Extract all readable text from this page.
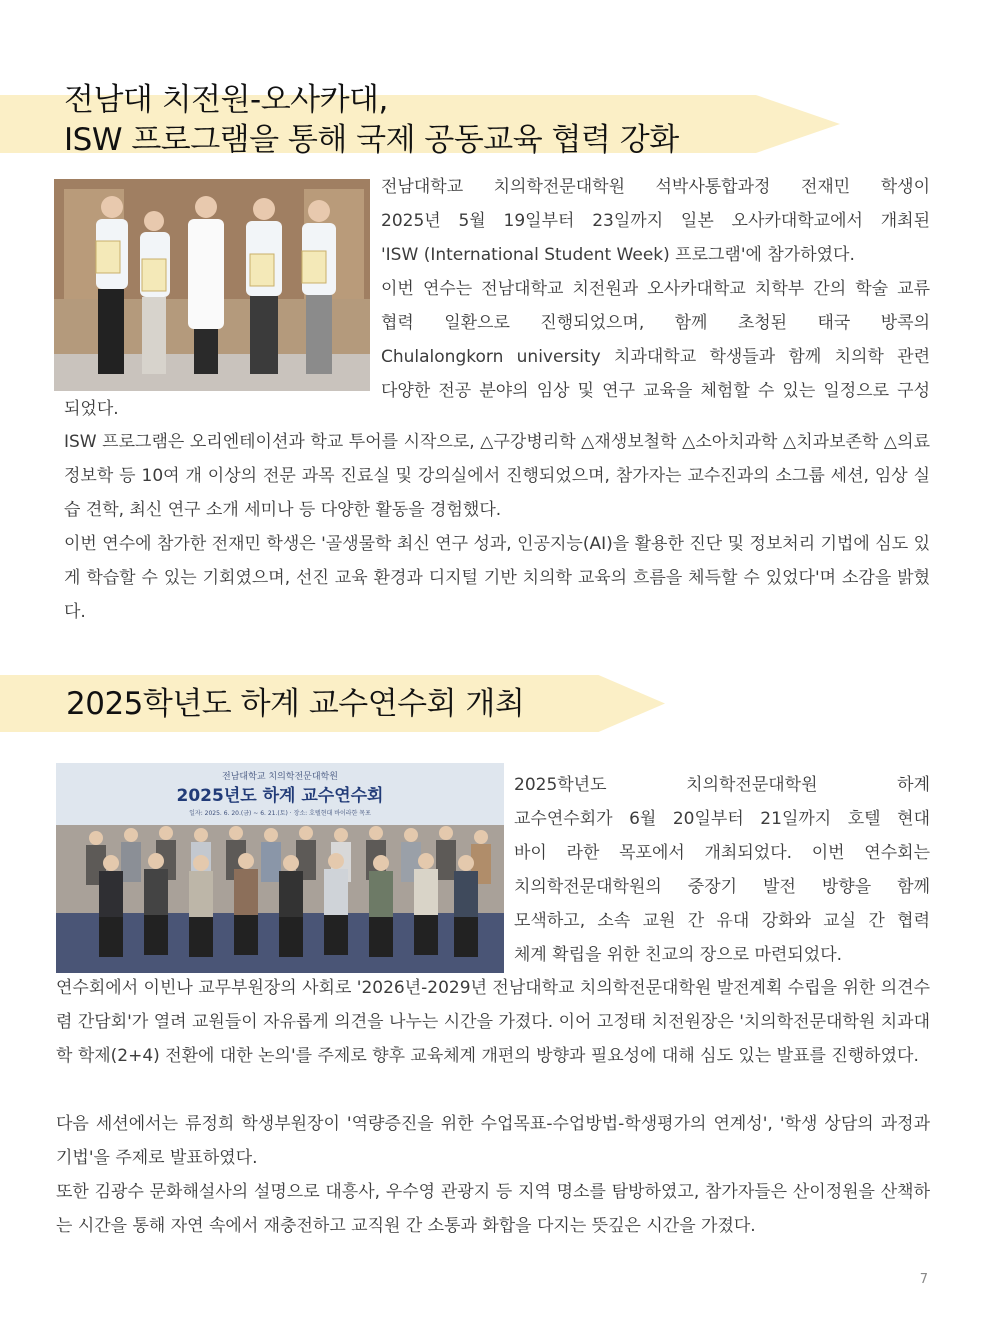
전남대 치전원-오사카대,
ISW 프로그램을 통해 국제 공동교육 협력 강화
전남대학교 치의학전문대학원 석박사통합과정 전재민 학생이
2025년 5월 19일부터 23일까지 일본 오사카대학교에서 개최된
'ISW (International Student Week) 프로그램'에 참가하였다.
이번 연수는 전남대학교 치전원과 오사카대학교 치학부 간의 학술 교류
협력 일환으로 진행되었으며, 함께 초청된 태국 방콕의
Chulalongkorn university 치과대학교 학생들과 함께 치의학 관련
다양한 전공 분야의 임상 및 연구 교육을 체험할 수 있는 일정으로 구성

되었다.

ISW 프로그램은 오리엔테이션과 학교 투어를 시작으로, △구강병리학 △재생보철학 △소아치과학 △치과보존학 △의료정보학 등 10여 개 이상의 전문 과목 진료실 및 강의실에서 진행되었으며, 참가자는 교수진과의 소그룹 세션, 임상 실습 견학, 최신 연구 소개 세미나 등 다양한 활동을 경험했다.

이번 연수에 참가한 전재민 학생은 '골생물학 최신 연구 성과, 인공지능(AI)을 활용한 진단 및 정보처리 기법에 심도 있게 학습할 수 있는 기회였으며, 선진 교육 환경과 디지털 기반 치의학 교육의 흐름을 체득할 수 있었다'며 소감을 밝혔다.

2025학년도 하계 교수연수회 개최
전남대학교 치의학전문대학원
2025년도 하계 교수연수회
일자: 2025. 6. 20.(금) ~ 6. 21.(토) · 장소: 호텔현대 바이라한 목포
2025학년도 치의학전문대학원 하계
교수연수회가 6월 20일부터 21일까지 호텔 현대
바이 라한 목포에서 개최되었다. 이번 연수회는
치의학전문대학원의 중장기 발전 방향을 함께
모색하고, 소속 교원 간 유대 강화와 교실 간 협력
체계 확립을 위한 친교의 장으로 마련되었다.

연수회에서 이빈나 교무부원장의 사회로 '2026년-2029년 전남대학교 치의학전문대학원 발전계획 수립을 위한 의견수렴 간담회'가 열려 교원들이 자유롭게 의견을 나누는 시간을 가졌다. 이어 고정태 치전원장은 '치의학전문대학원 치과대학 학제(2+4) 전환에 대한 논의'를 주제로 향후 교육체계 개편의 방향과 필요성에 대해 심도 있는 발표를 진행하였다.

다음 세션에서는 류정희 학생부원장이 '역량증진을 위한 수업목표-수업방법-학생평가의 연계성', '학생 상담의 과정과 기법'을 주제로 발표하였다.

또한 김광수 문화해설사의 설명으로 대흥사, 우수영 관광지 등 지역 명소를 탐방하였고, 참가자들은 산이정원을 산책하는 시간을 통해 자연 속에서 재충전하고 교직원 간 소통과 화합을 다지는 뜻깊은 시간을 가졌다.

7
